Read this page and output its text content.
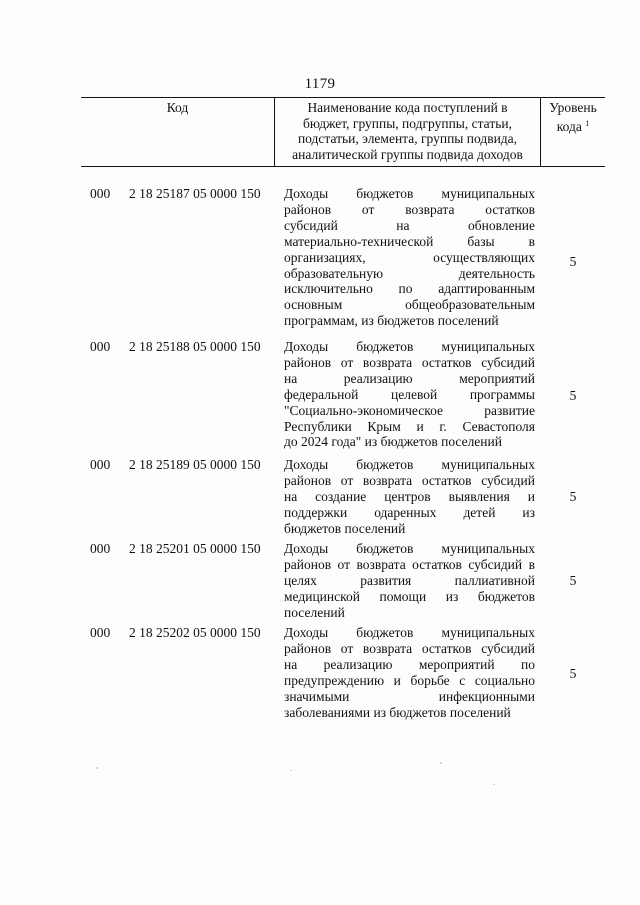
1179
Код	Наименование кода поступлений в
бюджет, группы, подгруппы, статьи,
подстатьи, элемента, группы подвида,
аналитической группы подвида доходов
Уровень
кода $^1$
000 2 18 25187 05 0000 150 Доходы бюджетов муниципальных
районов от возврата остатков
субсидий на обновление
материально-технической базы в
организациях, осуществляющих
образовательную деятельность
исключительно по адаптированным
основным общеобразовательным
программам, из бюджетов поселений
5
000 2 18 25188 05 0000 150 Доходы бюджетов муниципальных
районов от возврата остатков субсидий
на реализацию мероприятий
федеральной целевой программы
"Социально-экономическое развитие
Республики Крым и г. Севастополя
до 2024 года" из бюджетов поселений
5
000 2 18 25189 05 0000 150 Доходы бюджетов муниципальных
районов от возврата остатков субсидий
на создание центров выявления и
поддержки одаренных детей из
бюджетов поселений
5
000 2 18 25201 05 0000 150 Доходы бюджетов муниципальных
районов от возврата остатков субсидий в
целях развития паллиативной
медицинской помощи из бюджетов
поселений
5
000 2 18 25202 05 0000 150 Доходы бюджетов муниципальных
районов от возврата остатков субсидий
на реализацию мероприятий по
предупреждению и борьбе с социально
значимыми инфекционными
заболеваниями из бюджетов поселений
5
